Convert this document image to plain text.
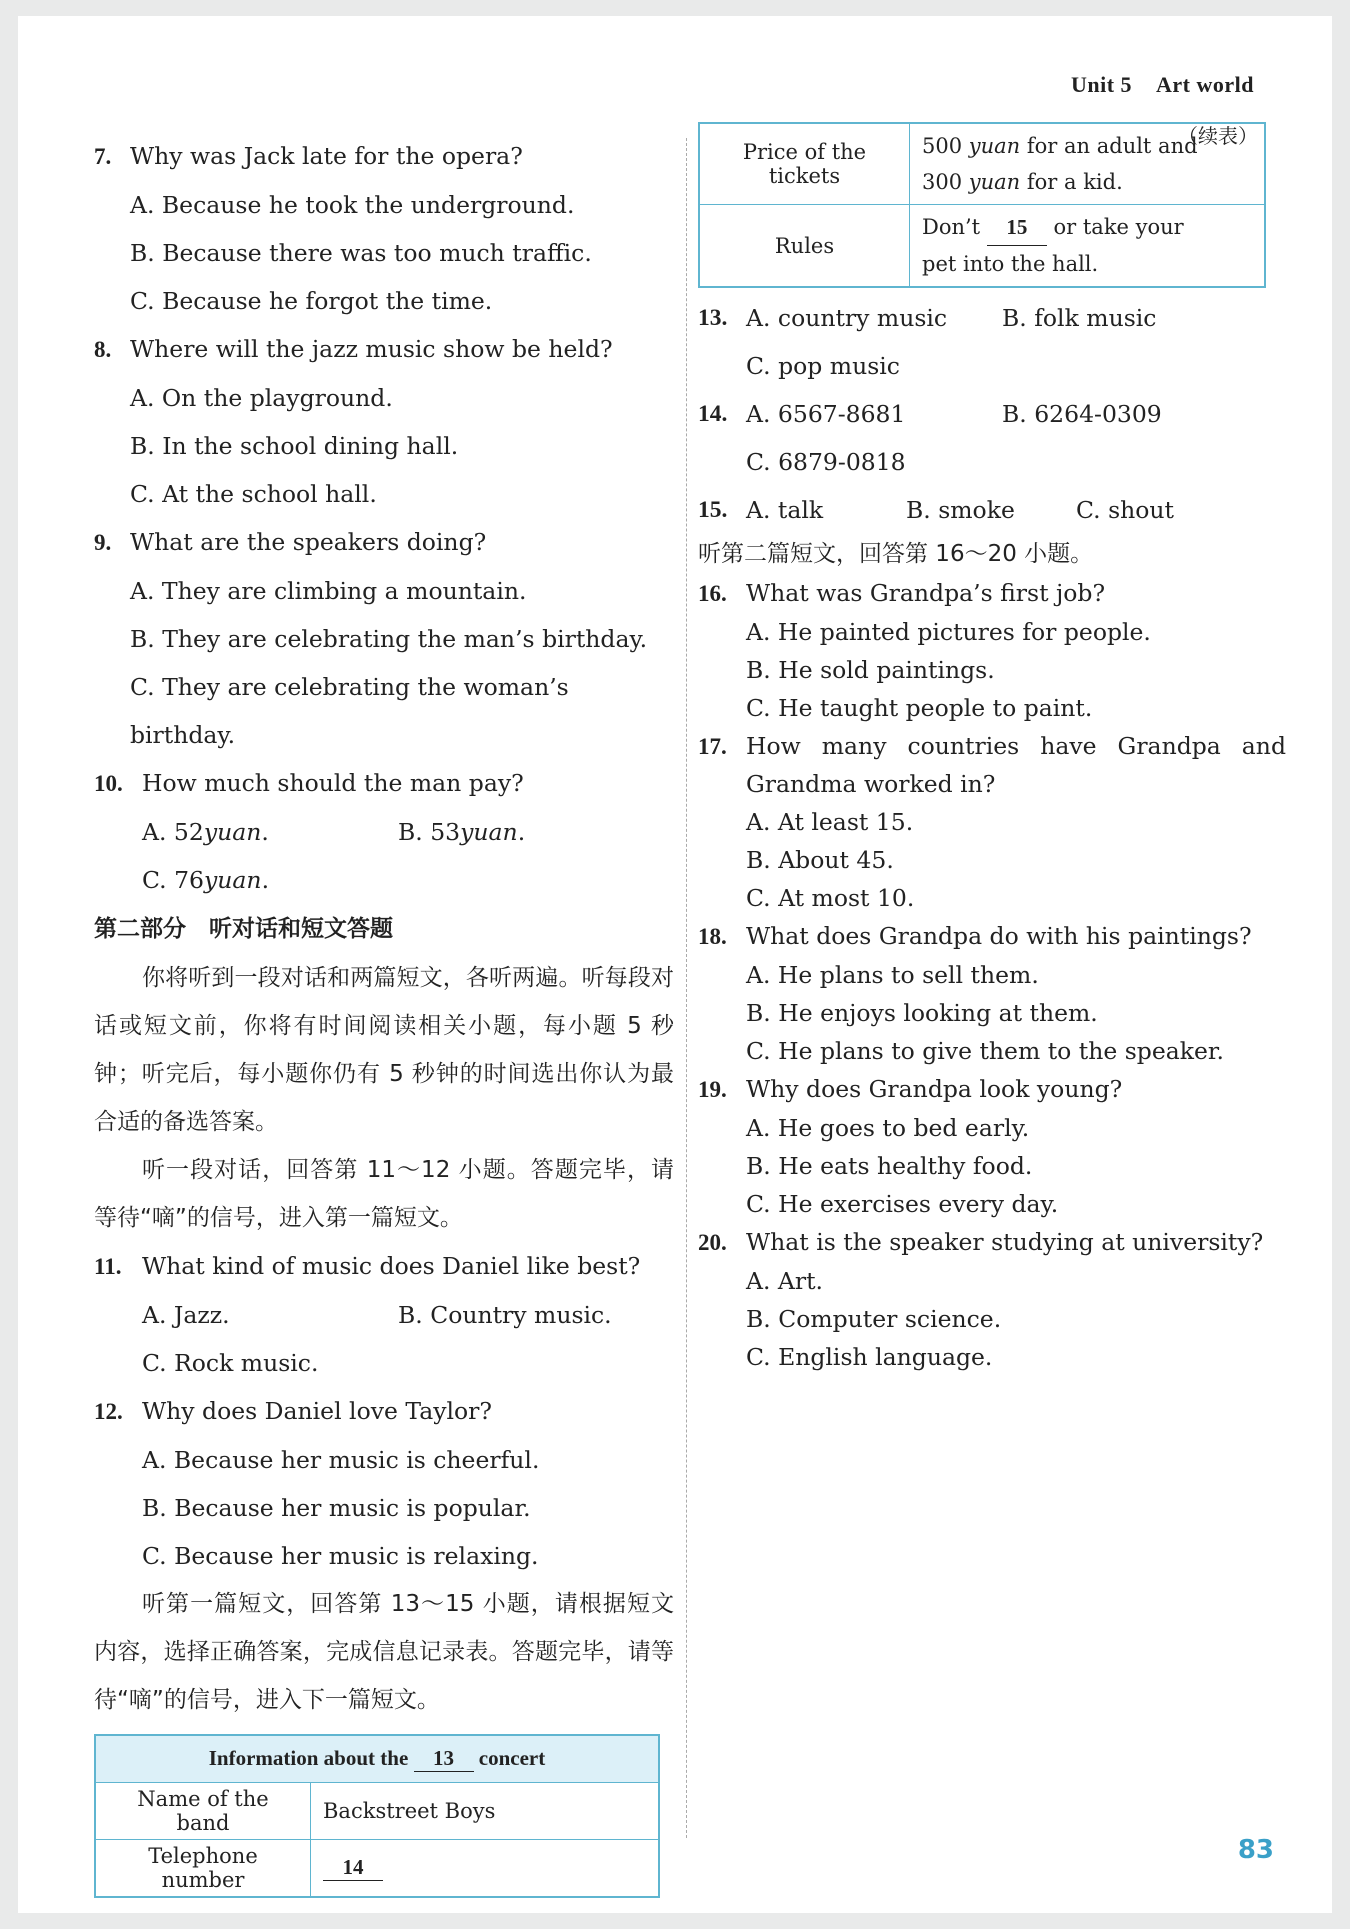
Unit 5 Art world
（续表）
7. Why was Jack late for the opera?
A. Because he took the underground.
B. Because there was too much traffic.
C. Because he forgot the time.
8. Where will the jazz music show be held?
A. On the playground.
B. In the school dining hall.
C. At the school hall.
9. What are the speakers doing?
A. They are climbing a mountain.
B. They are celebrating the man’s birthday.
C. They are celebrating the woman’s birthday.
10. How much should the man pay?
A. 52yuan.	B. 53yuan.
C. 76yuan.
第二部分　听对话和短文答题
你将听到一段对话和两篇短文，各听两遍。听每段对话或短文前，你将有时间阅读相关小题，每小题 5 秒钟；听完后，每小题你仍有 5 秒钟的时间选出你认为最合适的备选答案。
听一段对话，回答第 11～12 小题。答题完毕，请等待“嘀”的信号，进入第一篇短文。
11. What kind of music does Daniel like best?
A. Jazz.	B. Country music.
C. Rock music.
12. Why does Daniel love Taylor?
A. Because her music is cheerful.
B. Because her music is popular.
C. Because her music is relaxing.
听第一篇短文，回答第 13～15 小题，请根据短文内容，选择正确答案，完成信息记录表。答题完毕，请等待“嘀”的信号，进入下一篇短文。
Information about the 13 concert	
Name of the band	Backstreet Boys
Telephone number	14
Price of the tickets	500 yuan for an adult and
300 yuan for a kid.
Rules	Don’t 15 or take your
pet into the hall.
13. A. country music	B. folk music
C. pop music
14. A. 6567-8681	B. 6264-0309
C. 6879-0818
15. A. talk	B. smoke	C. shout
听第二篇短文，回答第 16～20 小题。
16. What was Grandpa’s first job?
A. He painted pictures for people.
B. He sold paintings.
C. He taught people to paint.
17. How many countries have Grandpa and Grandma worked in?
A. At least 15.
B. About 45.
C. At most 10.
18. What does Grandpa do with his paintings?
A. He plans to sell them.
B. He enjoys looking at them.
C. He plans to give them to the speaker.
19. Why does Grandpa look young?
A. He goes to bed early.
B. He eats healthy food.
C. He exercises every day.
20. What is the speaker studying at university?
A. Art.
B. Computer science.
C. English language.
83
